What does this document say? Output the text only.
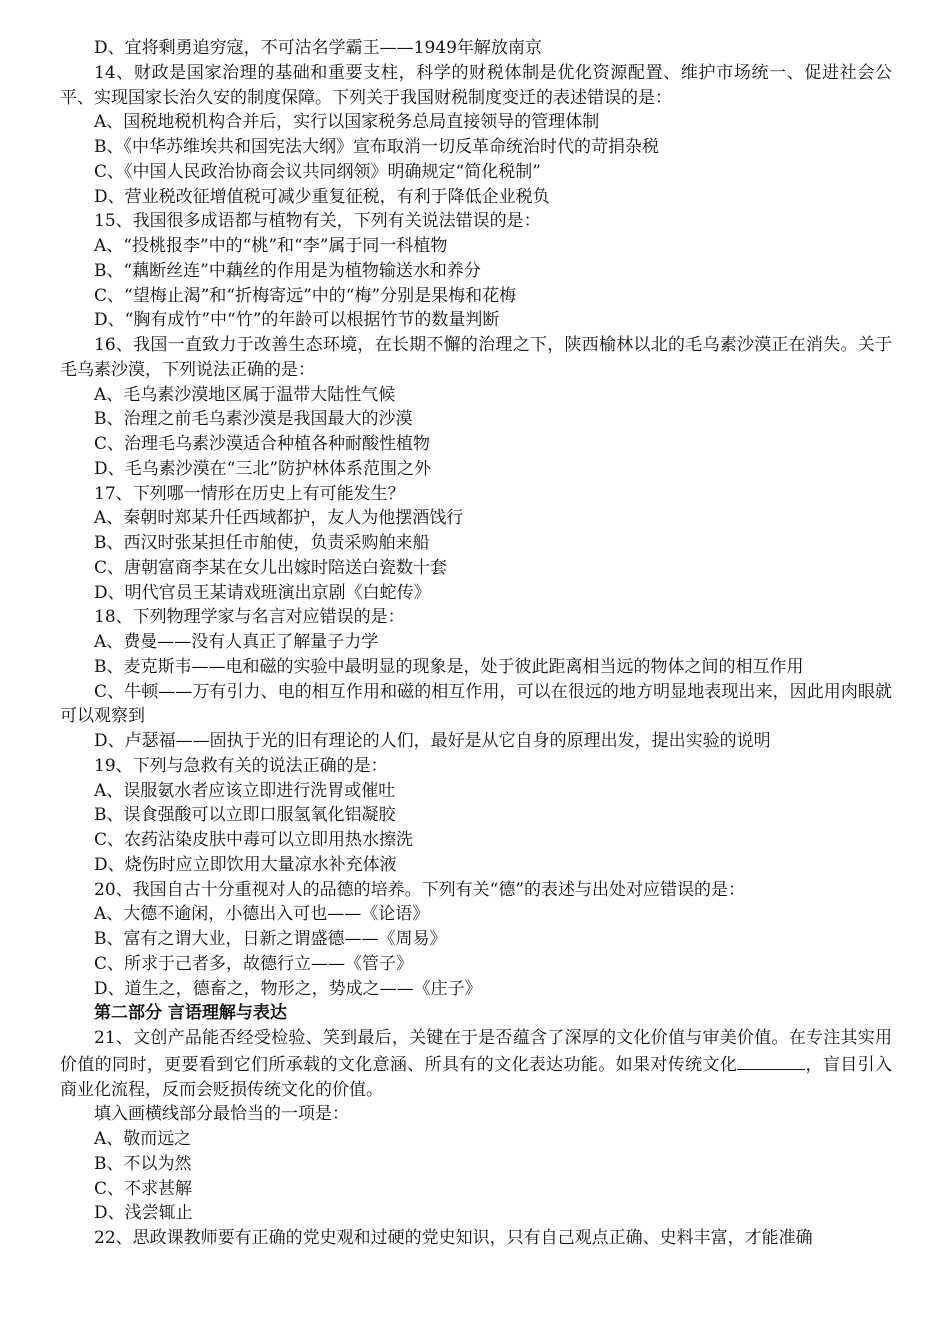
D、宜将剩勇追穷寇，不可沽名学霸王——1949年解放南京

14、财政是国家治理的基础和重要支柱，科学的财税体制是优化资源配置、维护市场统一、促进社会公平、实现国家长治久安的制度保障。下列关于我国财税制度变迁的表述错误的是：

A、国税地税机构合并后，实行以国家税务总局直接领导的管理体制

B、《中华苏维埃共和国宪法大纲》宣布取消一切反革命统治时代的苛捐杂税

C、《中国人民政治协商会议共同纲领》明确规定“简化税制”

D、营业税改征增值税可减少重复征税，有利于降低企业税负

15、我国很多成语都与植物有关，下列有关说法错误的是：

A、“投桃报李”中的“桃”和“李”属于同一科植物

B、“藕断丝连”中藕丝的作用是为植物输送水和养分

C、“望梅止渴”和“折梅寄远”中的“梅”分别是果梅和花梅

D、“胸有成竹”中“竹”的年龄可以根据竹节的数量判断

16、我国一直致力于改善生态环境，在长期不懈的治理之下，陕西榆林以北的毛乌素沙漠正在消失。关于毛乌素沙漠，下列说法正确的是：

A、毛乌素沙漠地区属于温带大陆性气候

B、治理之前毛乌素沙漠是我国最大的沙漠

C、治理毛乌素沙漠适合种植各种耐酸性植物

D、毛乌素沙漠在“三北”防护林体系范围之外

17、下列哪一情形在历史上有可能发生？

A、秦朝时郑某升任西域都护，友人为他摆酒饯行

B、西汉时张某担任市舶使，负责采购舶来船

C、唐朝富商李某在女儿出嫁时陪送白瓷数十套

D、明代官员王某请戏班演出京剧《白蛇传》

18、下列物理学家与名言对应错误的是：

A、费曼——没有人真正了解量子力学

B、麦克斯韦——电和磁的实验中最明显的现象是，处于彼此距离相当远的物体之间的相互作用

C、牛顿——万有引力、电的相互作用和磁的相互作用，可以在很远的地方明显地表现出来，因此用肉眼就可以观察到

D、卢瑟福——固执于光的旧有理论的人们，最好是从它自身的原理出发，提出实验的说明

19、下列与急救有关的说法正确的是：

A、误服氨水者应该立即进行洗胃或催吐

B、误食强酸可以立即口服氢氧化铝凝胶

C、农药沾染皮肤中毒可以立即用热水擦洗

D、烧伤时应立即饮用大量凉水补充体液

20、我国自古十分重视对人的品德的培养。下列有关“德”的表述与出处对应错误的是：

A、大德不逾闲，小德出入可也——《论语》

B、富有之谓大业，日新之谓盛德——《周易》

C、所求于己者多，故德行立——《管子》

D、道生之，德畜之，物形之，势成之——《庄子》

第二部分 言语理解与表达

21、文创产品能否经受检验、笑到最后，关键在于是否蕴含了深厚的文化价值与审美价值。在专注其实用价值的同时，更要看到它们所承载的文化意涵、所具有的文化表达功能。如果对传统文化	，盲目引入商业化流程，反而会贬损传统文化的价值。

填入画横线部分最恰当的一项是：

A、敬而远之

B、不以为然

C、不求甚解

D、浅尝辄止

22、思政课教师要有正确的党史观和过硬的党史知识，只有自己观点正确、史料丰富，才能准确
